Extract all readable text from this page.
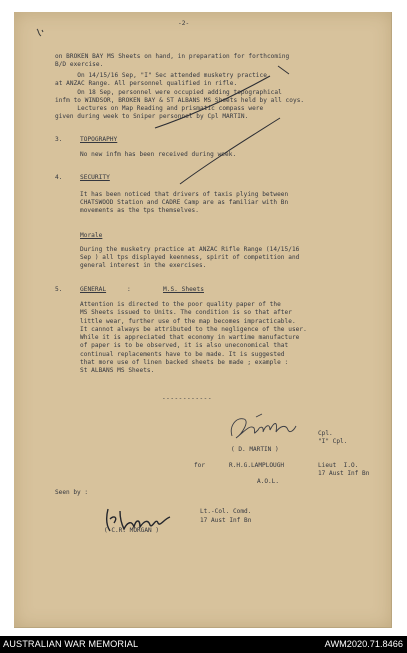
-2-
on BROKEN BAY MS Sheets on hand, in preparation for forthcoming
B/D exercise.
On 14/15/16 Sep, "I" Sec attended musketry practice
at ANZAC Range. All personnel qualified in rifle.
On 18 Sep, personnel were occupied adding topographical
infm to WINDSOR, BROKEN BAY & ST ALBANS MS Sheets held by all coys.
Lectures on Map Reading and prismatic compass were
given during week to Sniper personnel by Cpl MARTIN.
3.	TOPOGRAPHY
No new infm has been received during week.
4.	SECURITY
It has been noticed that drivers of taxis plying between
CHATSWOOD Station and CADRE Camp are as familiar with Bn
movements as the tps themselves.
Morale
During the musketry practice at ANZAC Rifle Range (14/15/16
Sep ) all tps displayed keenness, spirit of competition and
general interest in the exercises.
5.	GENERAL	:	M.S. Sheets
Attention is directed to the poor quality paper of the
MS Sheets issued to Units. The condition is so that after
little wear, further use of the map becomes impracticable.
It cannot always be attributed to the negligence of the user.
While it is appreciated that economy in wartime manufacture
of paper is to be observed, it is also uneconomical that
continual replacements have to be made. It is suggested
that more use of linen backed sheets be made ; example :
St ALBANS MS Sheets.
------------
Cpl.
"I" Cpl.
( D. MARTIN )
for	R.H.G.LAMPLOUGH	Lieut  I.O.
17 Aust Inf Bn
A.O.L.
Seen by :
Lt.-Col. Comd.
17 Aust Inf Bn
( C.R. MORGAN )
AUSTRALIAN WAR MEMORIAL	AWM2020.71.8466
